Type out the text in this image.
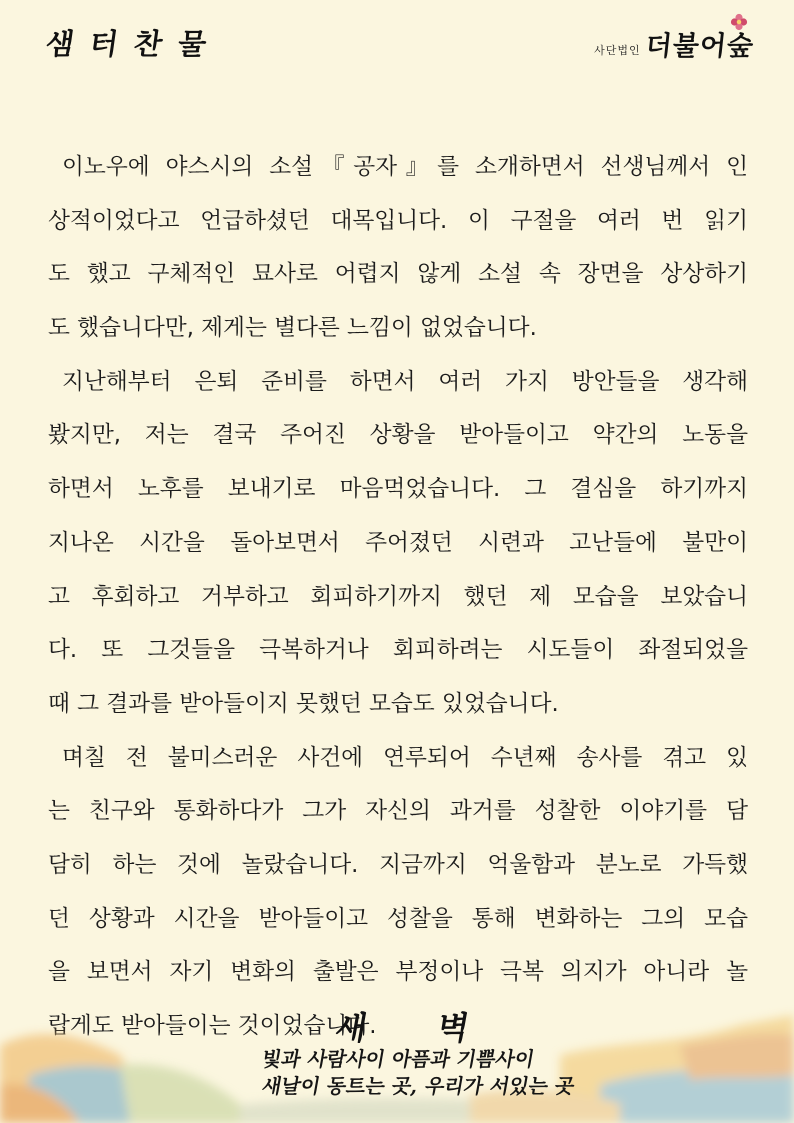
샘 터 찬 물	사단법인 더불어숲
이노우에 야스시의 소설『공자』를 소개하면서 선생님께서 인
상적이었다고 언급하셨던 대목입니다. 이 구절을 여러 번 읽기
도 했고 구체적인 묘사로 어렵지 않게 소설 속 장면을 상상하기
도 했습니다만, 제게는 별다른 느낌이 없었습니다.
지난해부터 은퇴 준비를 하면서 여러 가지 방안들을 생각해
봤지만, 저는 결국 주어진 상황을 받아들이고 약간의 노동을
하면서 노후를 보내기로 마음먹었습니다. 그 결심을 하기까지
지나온 시간을 돌아보면서 주어졌던 시련과 고난들에 불만이
고 후회하고 거부하고 회피하기까지 했던 제 모습을 보았습니
다. 또 그것들을 극복하거나 회피하려는 시도들이 좌절되었을
때 그 결과를 받아들이지 못했던 모습도 있었습니다.
며칠 전 불미스러운 사건에 연루되어 수년째 송사를 겪고 있
는 친구와 통화하다가 그가 자신의 과거를 성찰한 이야기를 담
담히 하는 것에 놀랐습니다. 지금까지 억울함과 분노로 가득했
던 상황과 시간을 받아들이고 성찰을 통해 변화하는 그의 모습
을 보면서 자기 변화의 출발은 부정이나 극복 의지가 아니라 놀
랍게도 받아들이는 것이었습니다.
새 벽
빛과 사람사이 아픔과 기쁨사이
새날이 동트는 곳, 우리가 서있는 곳
